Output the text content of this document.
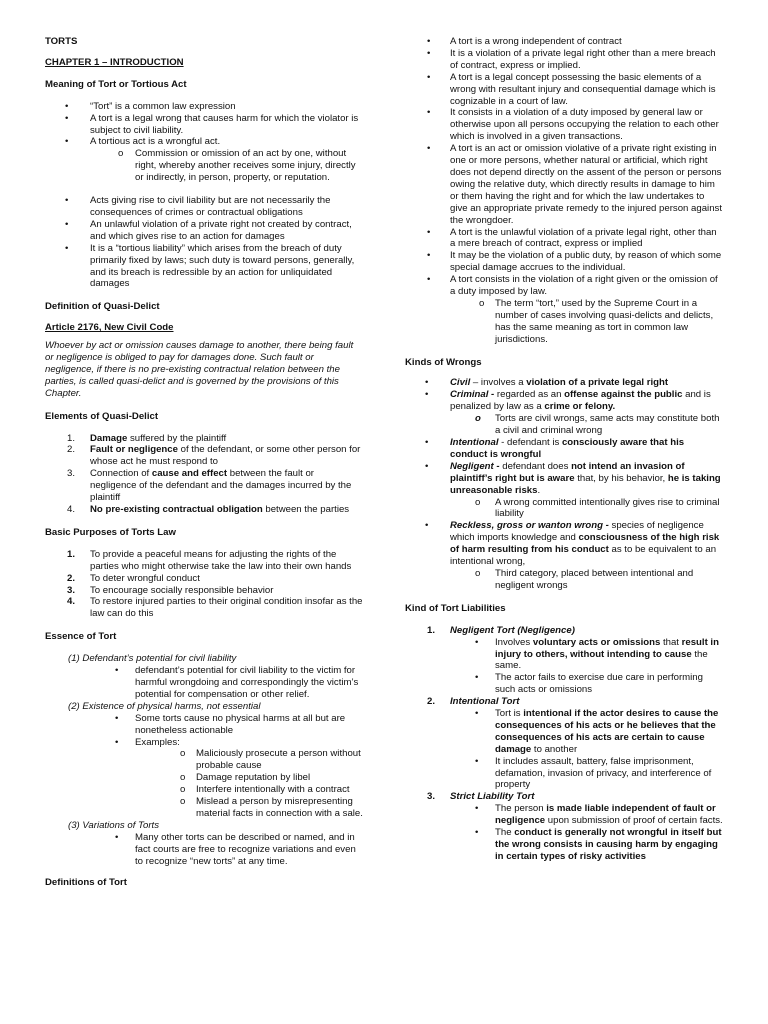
TORTS

CHAPTER 1 – INTRODUCTION

Meaning of Tort or Tortious Act

• “Tort” is a common law expression
• A tort is a legal wrong that causes harm for which the violator is subject to civil liability.
• A tortious act is a wrongful act.
o Commission or omission of an act by one, without right, whereby another receives some injury, directly or indirectly, in person, property, or reputation.
• Acts giving rise to civil liability but are not necessarily the consequences of crimes or contractual obligations
• An unlawful violation of a private right not created by contract, and which gives rise to an action for damages
• It is a “tortious liability” which arises from the breach of duty primarily fixed by laws; such duty is toward persons, generally, and its breach is redressible by an action for unliquidated damages

Definition of Quasi-Delict

Article 2176, New Civil Code

Whoever by act or omission causes damage to another, there being fault or negligence is obliged to pay for damages done. Such fault or negligence, if there is no pre-existing contractual relation between the parties, is called quasi-delict and is governed by the provisions of this Chapter.

Elements of Quasi-Delict

1. Damage suffered by the plaintiff
2. Fault or negligence of the defendant, or some other person for whose act he must respond to
3. Connection of cause and effect between the fault or negligence of the defendant and the damages incurred by the plaintiff
4. No pre-existing contractual obligation between the parties

Basic Purposes of Torts Law

1. To provide a peaceful means for adjusting the rights of the parties who might otherwise take the law into their own hands
2. To deter wrongful conduct
3. To encourage socially responsible behavior
4. To restore injured parties to their original condition insofar as the law can do this

Essence of Tort

(1) Defendant’s potential for civil liability

• defendant’s potential for civil liability to the victim for harmful wrongdoing and correspondingly the victim’s potential for compensation or other relief.

(2) Existence of physical harms, not essential

• Some torts cause no physical harms at all but are nonetheless actionable
• Examples:
o Maliciously prosecute a person without probable cause
o Damage reputation by libel
o Interfere intentionally with a contract
o Mislead a person by misrepresenting material facts in connection with a sale.

(3) Variations of Torts

• Many other torts can be described or named, and in fact courts are free to recognize variations and even to recognize “new torts” at any time.

Definitions of Tort

• A tort is a wrong independent of contract
• It is a violation of a private legal right other than a mere breach of contract, express or implied.
• A tort is a legal concept possessing the basic elements of a wrong with resultant injury and consequential damage which is cognizable in a court of law.
• It consists in a violation of a duty imposed by general law or otherwise upon all persons occupying the relation to each other which is involved in a given transactions.
• A tort is an act or omission violative of a private right existing in one or more persons, whether natural or artificial, which right does not depend directly on the assent of the person or persons owing the relative duty, which directly results in damage to him or them having the right and for which the law undertakes to give an appropriate private remedy to the injured person against the wrongdoer.
• A tort is the unlawful violation of a private legal right, other than a mere breach of contract, express or implied
• It may be the violation of a public duty, by reason of which some special damage accrues to the individual.
• A tort consists in the violation of a right given or the omission of a duty imposed by law.
o The term “tort,” used by the Supreme Court in a number of cases involving quasi-delicts and delicts, has the same meaning as tort in common law jurisdictions.

Kinds of Wrongs

• Civil – involves a violation of a private legal right
• Criminal - regarded as an offense against the public and is penalized by law as a crime or felony.
o Torts are civil wrongs, same acts may constitute both a civil and criminal wrong
• Intentional - defendant is consciously aware that his conduct is wrongful
• Negligent - defendant does not intend an invasion of plaintiff’s right but is aware that, by his behavior, he is taking unreasonable risks.
o A wrong committed intentionally gives rise to criminal liability
• Reckless, gross or wanton wrong - species of negligence which imports knowledge and consciousness of the high risk of harm resulting from his conduct as to be equivalent to an intentional wrong,
o Third category, placed between intentional and negligent wrongs

Kind of Tort Liabilities

1. Negligent Tort (Negligence)
• Involves voluntary acts or omissions that result in injury to others, without intending to cause the same.
• The actor fails to exercise due care in performing such acts or omissions
2. Intentional Tort
• Tort is intentional if the actor desires to cause the consequences of his acts or he believes that the consequences of his acts are certain to cause damage to another
• It includes assault, battery, false imprisonment, defamation, invasion of privacy, and interference of property
3. Strict Liability Tort
• The person is made liable independent of fault or negligence upon submission of proof of certain facts.
• The conduct is generally not wrongful in itself but the wrong consists in causing harm by engaging in certain types of risky activities
